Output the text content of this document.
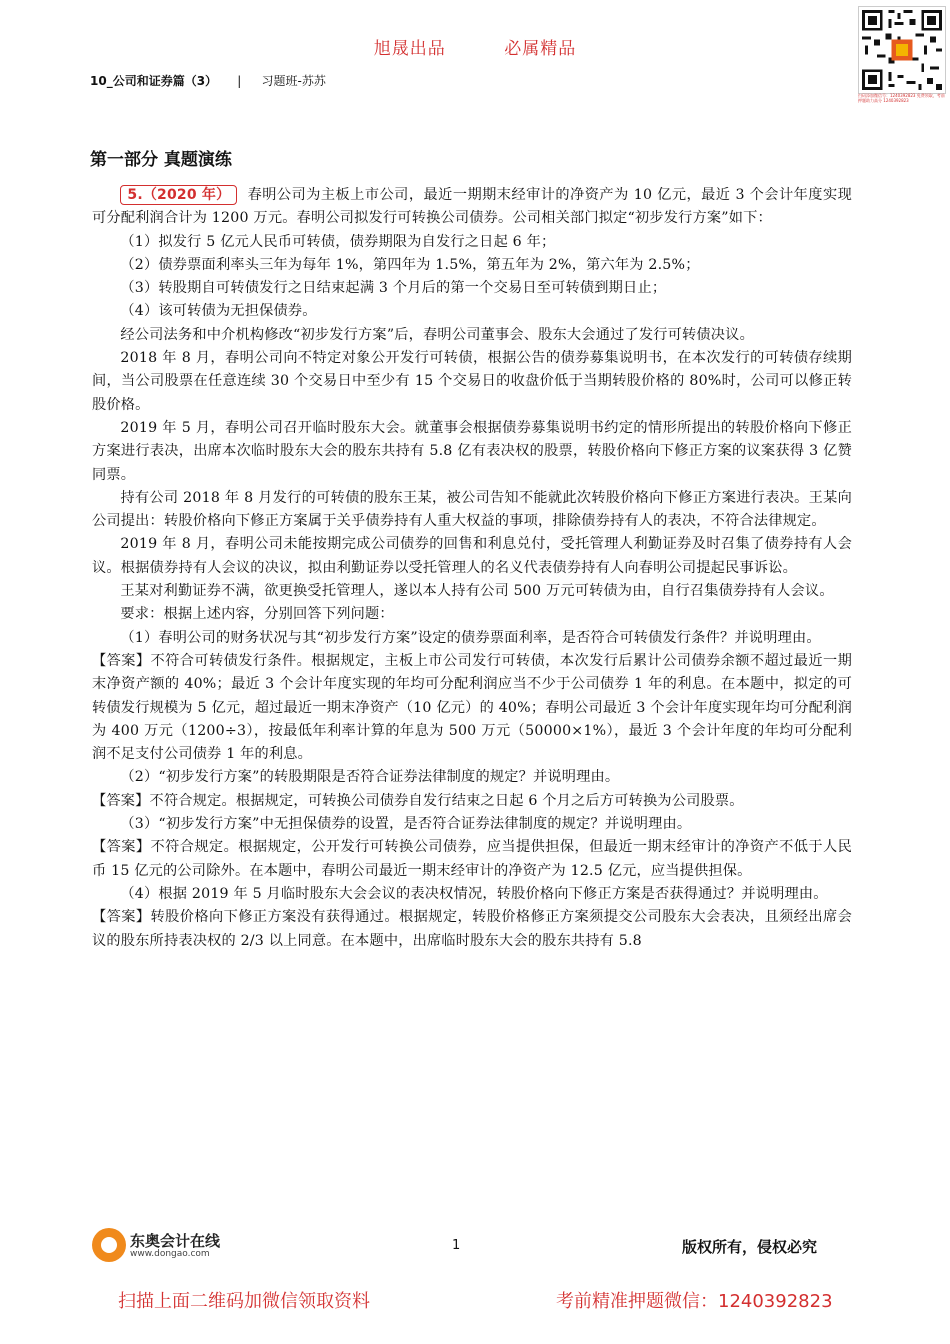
旭晟出品	必属精品
10_公司和证券篇（3） | 习题班-苏苏
扫码添加微信号：1240392823 免费领取，考前押题助力高分 1240392823
第一部分 真题演练

5.（2020 年） 春明公司为主板上市公司，最近一期期末经审计的净资产为 10 亿元，最近 3 个会计年度实现可分配利润合计为 1200 万元。春明公司拟发行可转换公司债券。公司相关部门拟定“初步发行方案”如下：

（1）拟发行 5 亿元人民币可转债，债券期限为自发行之日起 6 年；

（2）债券票面利率头三年为每年 1%，第四年为 1.5%，第五年为 2%，第六年为 2.5%；

（3）转股期自可转债发行之日结束起满 3 个月后的第一个交易日至可转债到期日止；

（4）该可转债为无担保债券。

经公司法务和中介机构修改“初步发行方案”后，春明公司董事会、股东大会通过了发行可转债决议。

2018 年 8 月，春明公司向不特定对象公开发行可转债，根据公告的债券募集说明书，在本次发行的可转债存续期间，当公司股票在任意连续 30 个交易日中至少有 15 个交易日的收盘价低于当期转股价格的 80%时，公司可以修正转股价格。

2019 年 5 月，春明公司召开临时股东大会。就董事会根据债券募集说明书约定的情形所提出的转股价格向下修正方案进行表决，出席本次临时股东大会的股东共持有 5.8 亿有表决权的股票，转股价格向下修正方案的议案获得 3 亿赞同票。

持有公司 2018 年 8 月发行的可转债的股东王某，被公司告知不能就此次转股价格向下修正方案进行表决。王某向公司提出：转股价格向下修正方案属于关乎债券持有人重大权益的事项，排除债券持有人的表决，不符合法律规定。

2019 年 8 月，春明公司未能按期完成公司债券的回售和利息兑付，受托管理人利勤证券及时召集了债券持有人会议。根据债券持有人会议的决议，拟由利勤证券以受托管理人的名义代表债券持有人向春明公司提起民事诉讼。

王某对利勤证券不满，欲更换受托管理人，遂以本人持有公司 500 万元可转债为由，自行召集债券持有人会议。

要求：根据上述内容，分别回答下列问题：

（1）春明公司的财务状况与其“初步发行方案”设定的债券票面利率，是否符合可转债发行条件？并说明理由。

【答案】不符合可转债发行条件。根据规定，主板上市公司发行可转债，本次发行后累计公司债券余额不超过最近一期末净资产额的 40%；最近 3 个会计年度实现的年均可分配利润应当不少于公司债券 1 年的利息。在本题中，拟定的可转债发行规模为 5 亿元，超过最近一期末净资产（10 亿元）的 40%；春明公司最近 3 个会计年度实现年均可分配利润为 400 万元（1200÷3），按最低年利率计算的年息为 500 万元（50000×1%），最近 3 个会计年度的年均可分配利润不足支付公司债券 1 年的利息。

（2）“初步发行方案”的转股期限是否符合证券法律制度的规定？并说明理由。

【答案】不符合规定。根据规定，可转换公司债券自发行结束之日起 6 个月之后方可转换为公司股票。

（3）“初步发行方案”中无担保债券的设置，是否符合证券法律制度的规定？并说明理由。

【答案】不符合规定。根据规定，公开发行可转换公司债券，应当提供担保，但最近一期末经审计的净资产不低于人民币 15 亿元的公司除外。在本题中，春明公司最近一期末经审计的净资产为 12.5 亿元，应当提供担保。

（4）根据 2019 年 5 月临时股东大会会议的表决权情况，转股价格向下修正方案是否获得通过？并说明理由。

【答案】转股价格向下修正方案没有获得通过。根据规定，转股价格修正方案须提交公司股东大会表决，且须经出席会议的股东所持表决权的 2/3 以上同意。在本题中，出席临时股东大会的股东共持有 5.8

东奥会计在线
www.dongao.com
1	版权所有，侵权必究
扫描上面二维码加微信领取资料	考前精准押题微信：1240392823
